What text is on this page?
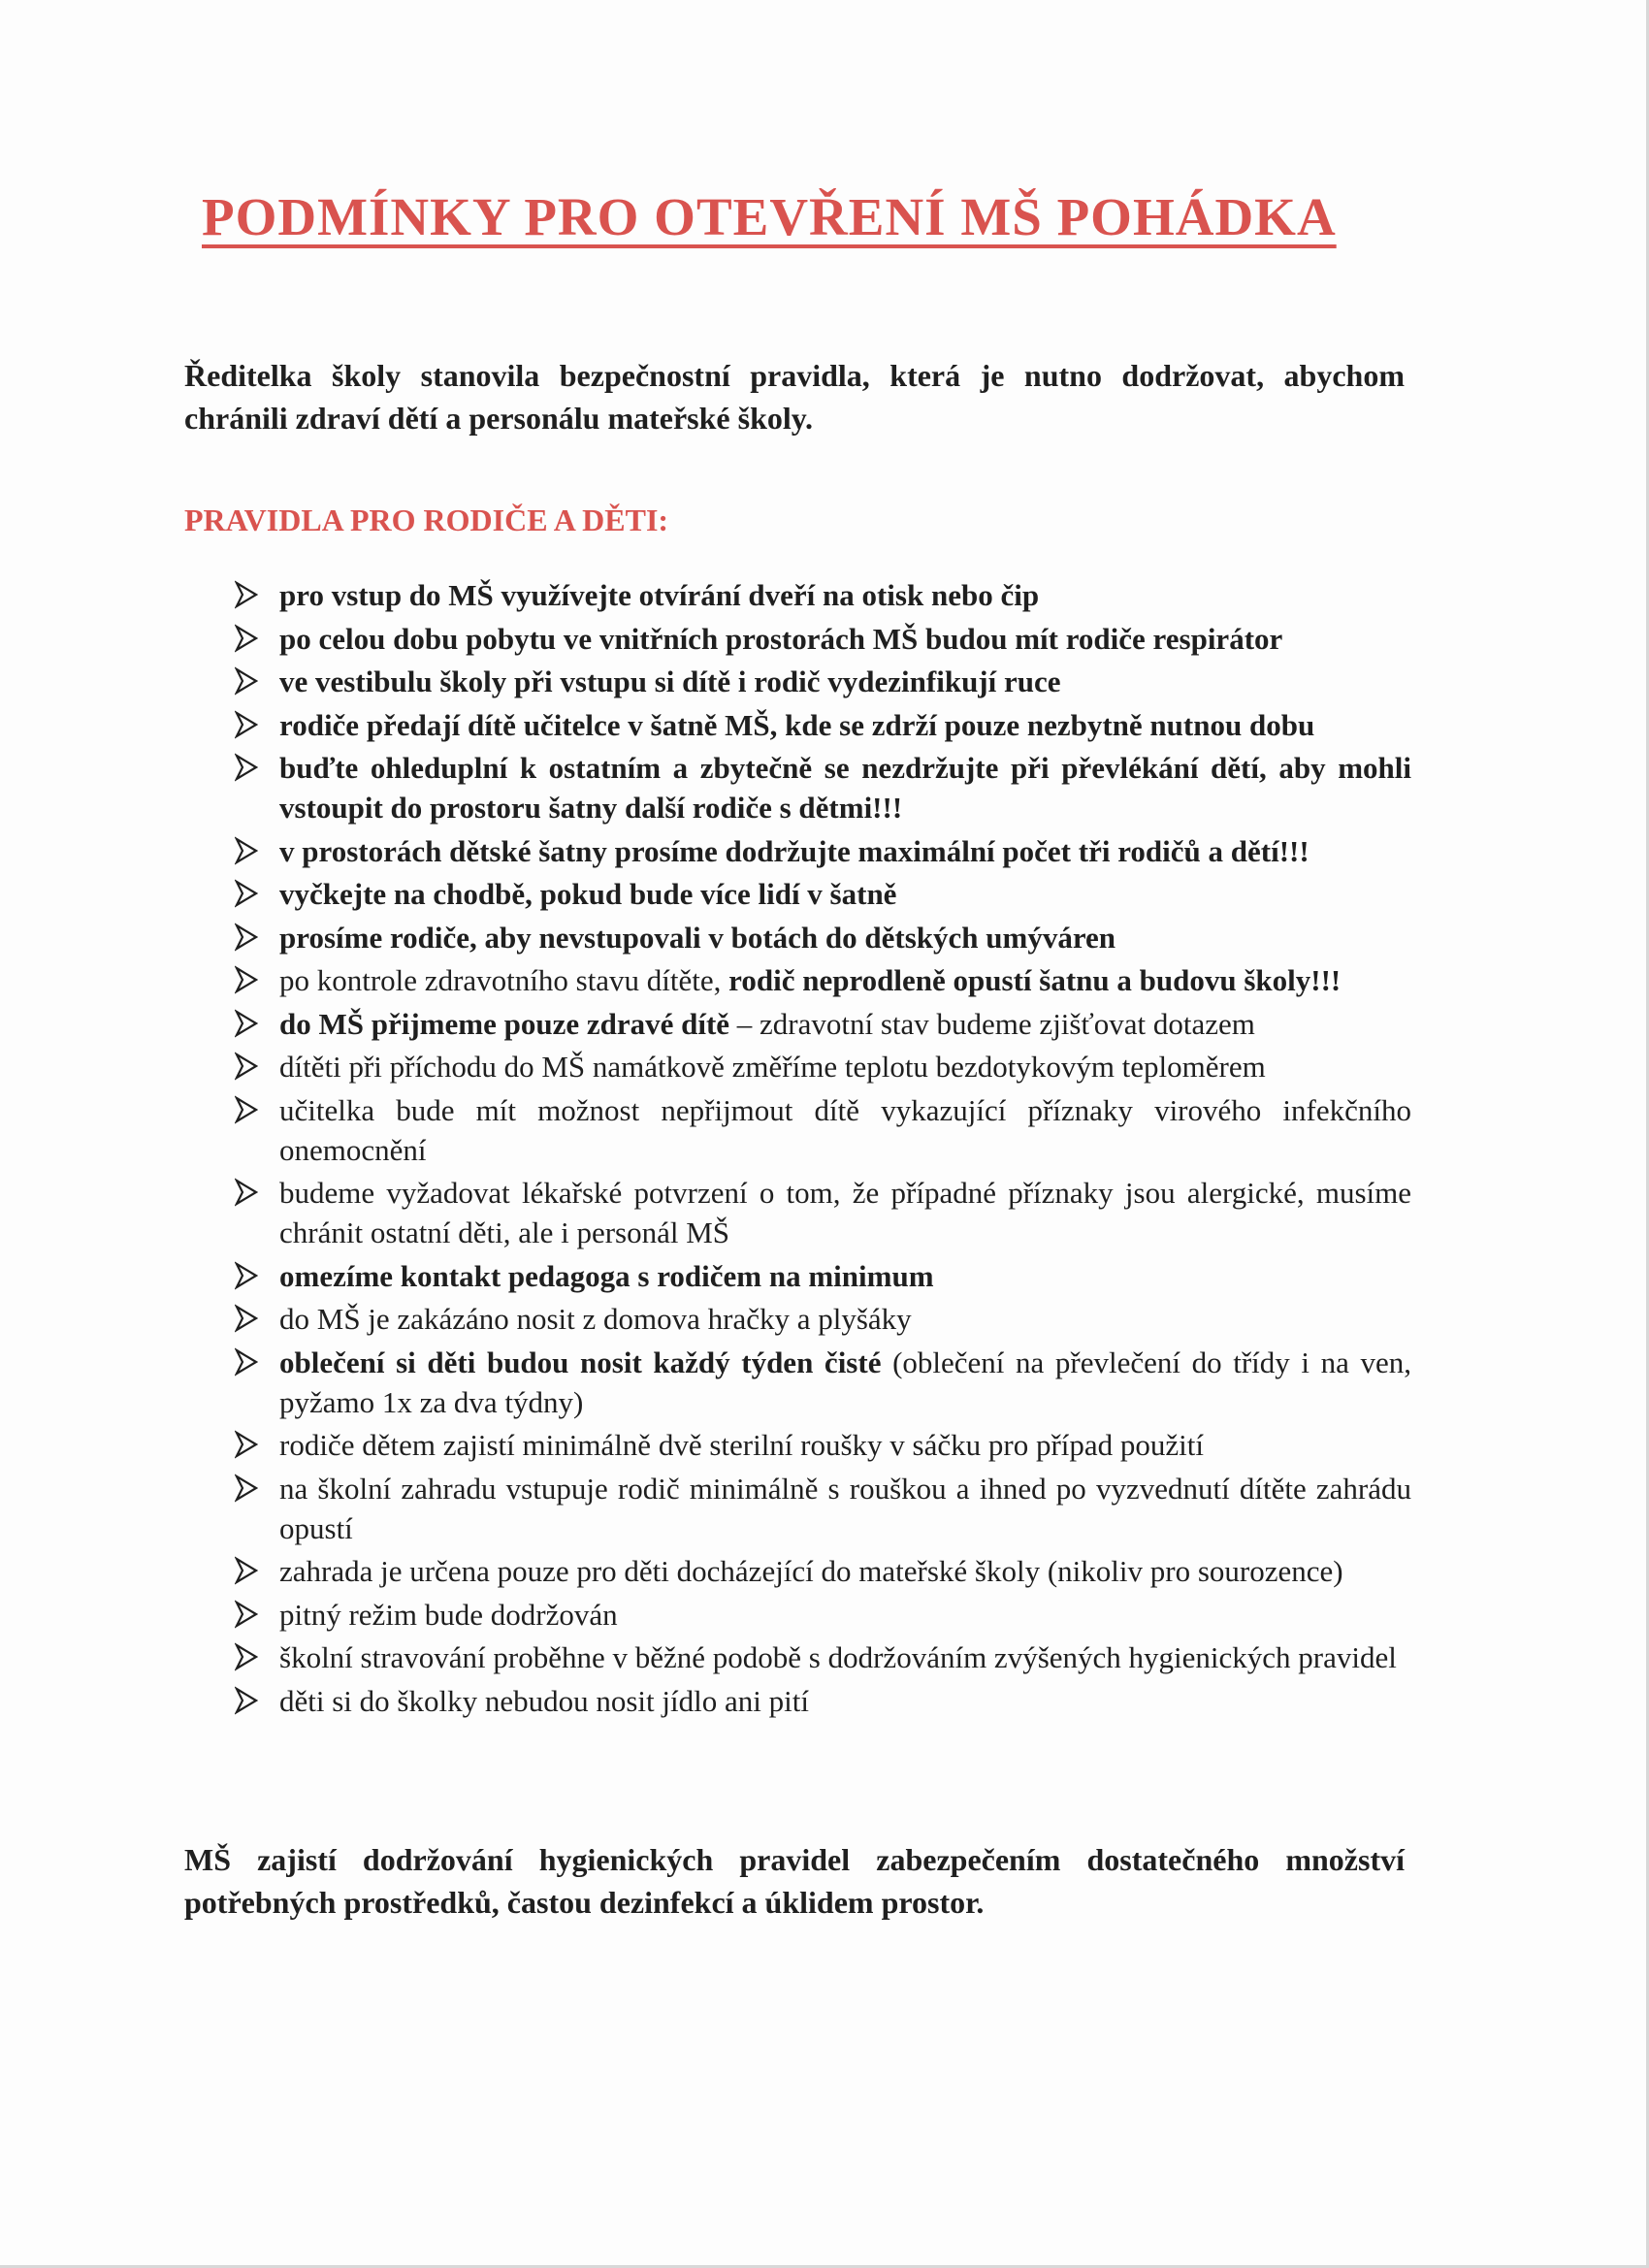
PODMÍNKY PRO OTEVŘENÍ MŠ POHÁDKA

Ředitelka školy stanovila bezpečnostní pravidla, která je nutno dodržovat, abychom chránili zdraví dětí a personálu mateřské školy.

PRAVIDLA PRO RODIČE A DĚTI:
pro vstup do MŠ využívejte otvírání dveří na otisk nebo čip
po celou dobu pobytu ve vnitřních prostorách MŠ budou mít rodiče respirátor
ve vestibulu školy při vstupu si dítě i rodič vydezinfikují ruce
rodiče předají dítě učitelce v šatně MŠ, kde se zdrží pouze nezbytně nutnou dobu
buďte ohleduplní k ostatním a zbytečně se nezdržujte při převlékání dětí, aby mohli vstoupit do prostoru šatny další rodiče s dětmi!!!
v prostorách dětské šatny prosíme dodržujte maximální počet tři rodičů a dětí!!!
vyčkejte na chodbě, pokud bude více lidí v šatně
prosíme rodiče, aby nevstupovali v botách do dětských umýváren
po kontrole zdravotního stavu dítěte, rodič neprodleně opustí šatnu a budovu školy!!!
do MŠ přijmeme pouze zdravé dítě – zdravotní stav budeme zjišťovat dotazem
dítěti při příchodu do MŠ namátkově změříme teplotu bezdotykovým teploměrem
učitelka bude mít možnost nepřijmout dítě vykazující příznaky virového infekčního onemocnění
budeme vyžadovat lékařské potvrzení o tom, že případné příznaky jsou alergické, musíme chránit ostatní děti, ale i personál MŠ
omezíme kontakt pedagoga s rodičem na minimum
do MŠ je zakázáno nosit z domova hračky a plyšáky
oblečení si děti budou nosit každý týden čisté (oblečení na převlečení do třídy i na ven, pyžamo 1x za dva týdny)
rodiče dětem zajistí minimálně dvě sterilní roušky v sáčku pro případ použití
na školní zahradu vstupuje rodič minimálně s rouškou a ihned po vyzvednutí dítěte zahrádu opustí
zahrada je určena pouze pro děti docházející do mateřské školy (nikoliv pro sourozence)
pitný režim bude dodržován
školní stravování proběhne v běžné podobě s dodržováním zvýšených hygienických pravidel
děti si do školky nebudou nosit jídlo ani pití

MŠ zajistí dodržování hygienických pravidel zabezpečením dostatečného množství potřebných prostředků, častou dezinfekcí a úklidem prostor.
